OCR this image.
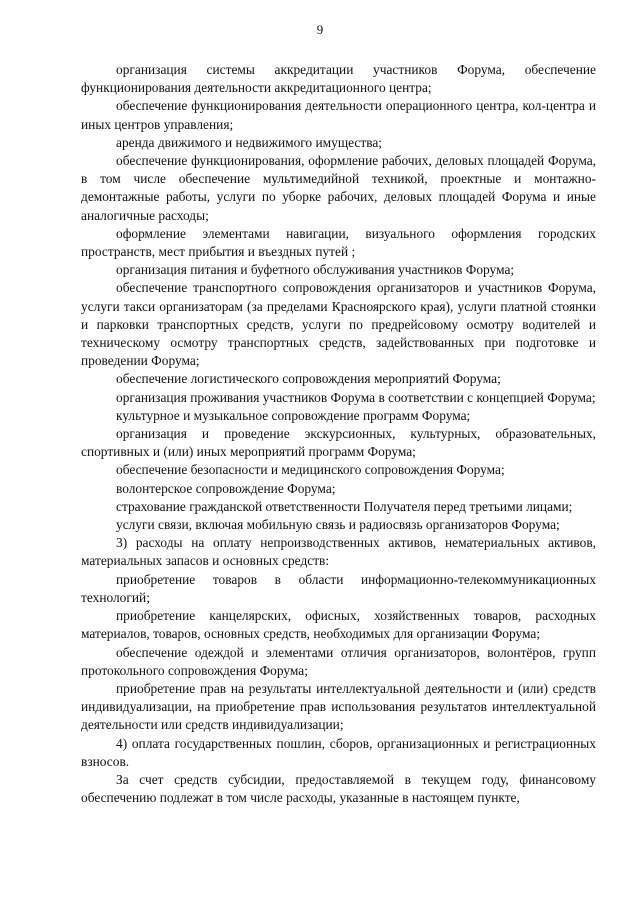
9

организация системы аккредитации участников Форума, обеспечение функционирования деятельности аккредитационного центра;

обеспечение функционирования деятельности операционного центра, кол-центра и иных центров управления;

аренда движимого и недвижимого имущества;

обеспечение функционирования, оформление рабочих, деловых площадей Форума, в том числе обеспечение мультимедийной техникой, проектные и монтажно-демонтажные работы, услуги по уборке рабочих, деловых площадей Форума и иные аналогичные расходы;

оформление элементами навигации, визуального оформления городских пространств, мест прибытия и въездных путей ;

организация питания и буфетного обслуживания участников Форума;

обеспечение транспортного сопровождения организаторов и участников Форума, услуги такси организаторам (за пределами Красноярского края), услуги платной стоянки и парковки транспортных средств, услуги по предрейсовому осмотру водителей и техническому осмотру транспортных средств, задействованных при подготовке и проведении Форума;

обеспечение логистического сопровождения мероприятий Форума;

организация проживания участников Форума в соответствии с концепцией Форума;

культурное и музыкальное сопровождение программ Форума;

организация и проведение экскурсионных, культурных, образовательных, спортивных и (или) иных мероприятий программ Форума;

обеспечение безопасности и медицинского сопровождения Форума;

волонтерское сопровождение Форума;

страхование гражданской ответственности Получателя перед третьими лицами;

услуги связи, включая мобильную связь и радиосвязь организаторов Форума;

3) расходы на оплату непроизводственных активов, нематериальных активов, материальных запасов и основных средств:

приобретение товаров в области информационно-телекоммуникационных технологий;

приобретение канцелярских, офисных, хозяйственных товаров, расходных материалов, товаров, основных средств, необходимых для организации Форума;

обеспечение одеждой и элементами отличия организаторов, волонтёров, групп протокольного сопровождения Форума;

приобретение прав на результаты интеллектуальной деятельности и (или) средств индивидуализации, на приобретение прав использования результатов интеллектуальной деятельности или средств индивидуализации;

4) оплата государственных пошлин, сборов, организационных и регистрационных взносов.

За счет средств субсидии, предоставляемой в текущем году, финансовому обеспечению подлежат в том числе расходы, указанные в настоящем пункте,
